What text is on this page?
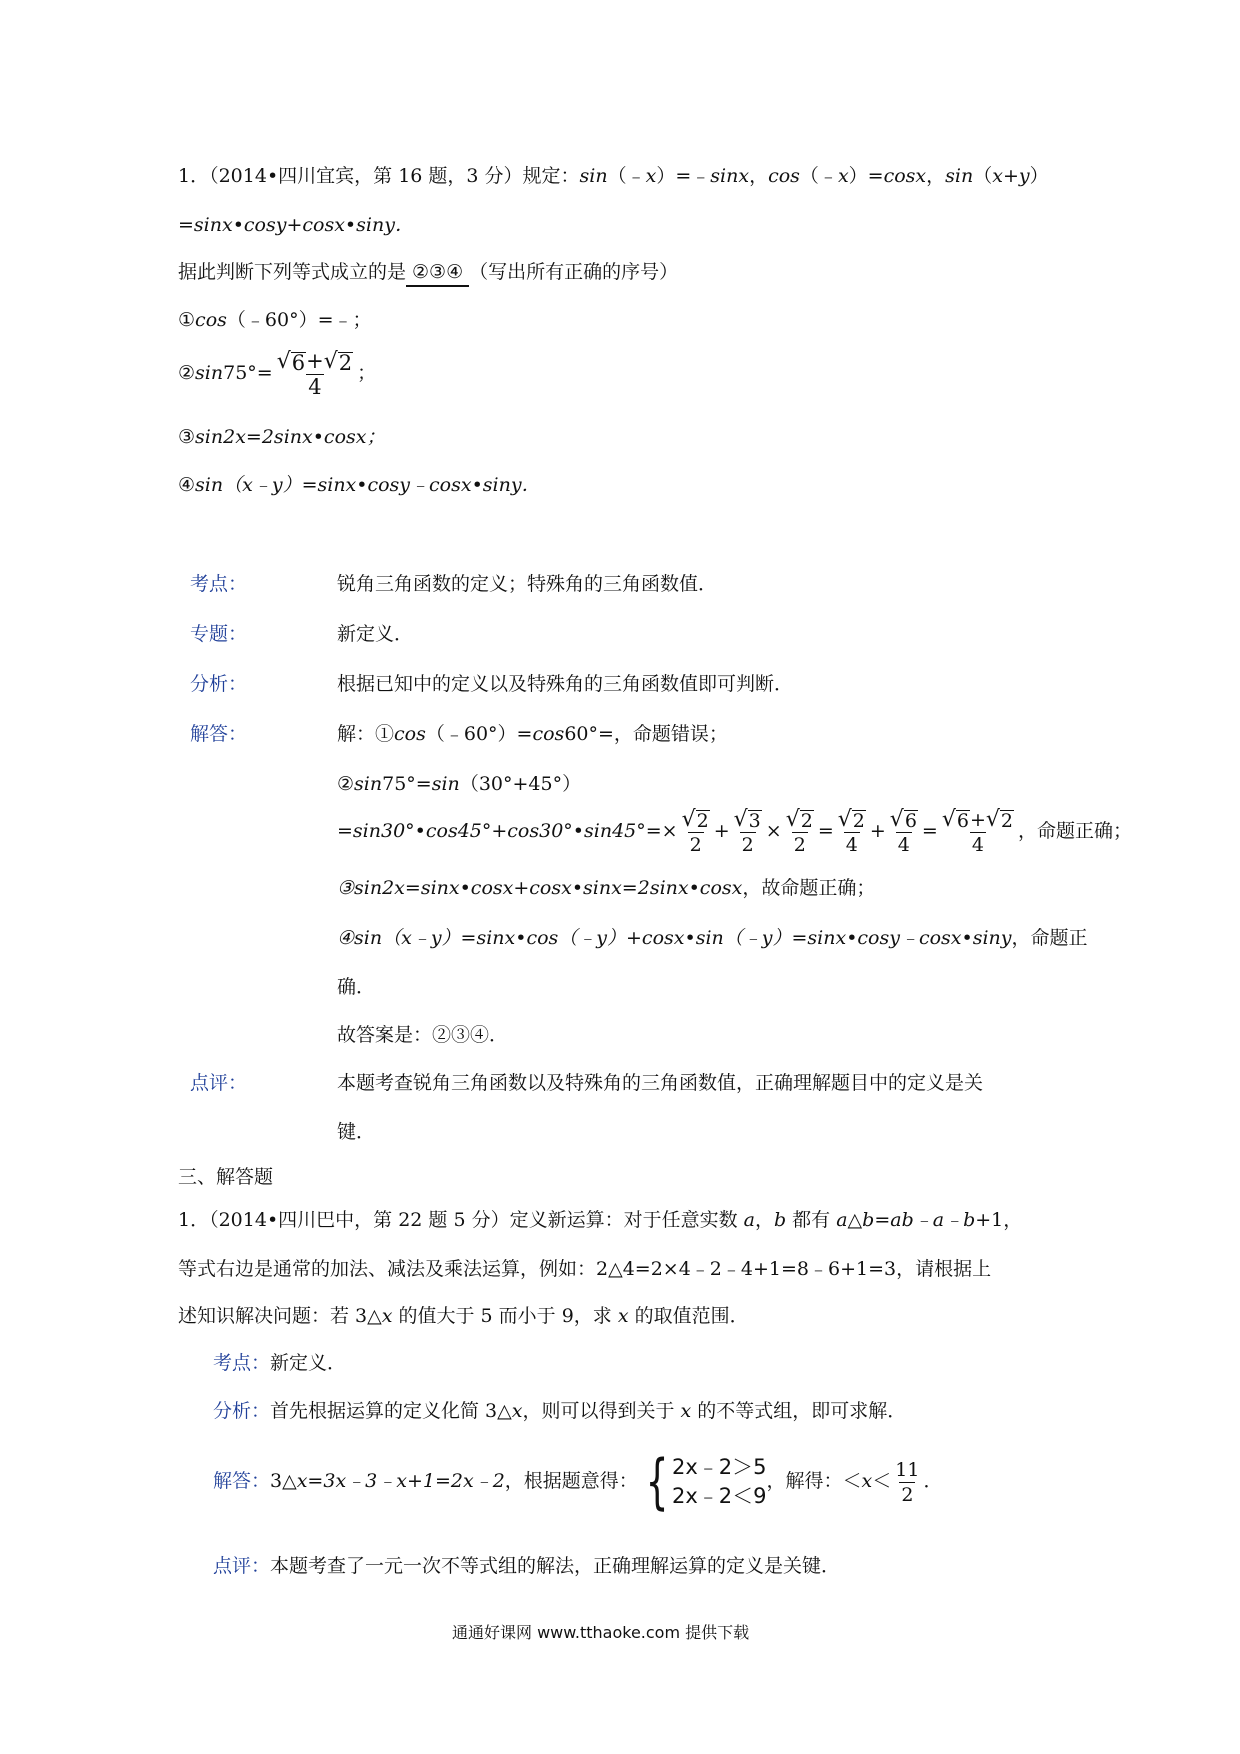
1．（2014•四川宜宾，第 16 题，3 分）规定：sin（﹣x）=﹣sinx，cos（﹣x）=cosx，sin（x+y）
=sinx•cosy+cosx•siny．
据此判断下列等式成立的是 ②③④ （写出所有正确的序号）
①cos（﹣60°）=﹣；
②sin75°= $\frac{√ 6 + √ 2}{4}$ ；
③sin2x=2sinx•cosx；
④sin（x﹣y）=sinx•cosy﹣cosx•siny．
考点：	锐角三角函数的定义；特殊角的三角函数值．
专题：	新定义．
分析：	根据已知中的定义以及特殊角的三角函数值即可判断．
解答：	解：①cos（﹣60°）=cos60°=，命题错误；
②sin75°=sin（30°+45°）
=sin30°•cos45°+cos30°•sin45°=× $\frac{√ 2}{2} + \frac{√ 3}{2} \times \frac{√ 2}{2} = \frac{√ 2}{4} + \frac{√ 6}{4} = \frac{√ 6 + √ 2}{4}$ ，命题正确；
③sin2x=sinx•cosx+cosx•sinx=2sinx•cosx，故命题正确；
④sin（x﹣y）=sinx•cos（﹣y）+cosx•sin（﹣y）=sinx•cosy﹣cosx•siny，命题正
确．
故答案是：②③④．
点评：	本题考查锐角三角函数以及特殊角的三角函数值，正确理解题目中的定义是关
键．
三、解答题
1．（2014•四川巴中，第 22 题 5 分）定义新运算：对于任意实数 a，b 都有 a△b=ab﹣a﹣b+1，
等式右边是通常的加法、减法及乘法运算，例如：2△4=2×4﹣2﹣4+1=8﹣6+1=3，请根据上
述知识解决问题：若 3△x 的值大于 5 而小于 9，求 x 的取值范围．
考点：新定义．
分析：首先根据运算的定义化简 3△x，则可以得到关于 x 的不等式组，即可求解．
解答：3△x=3x﹣3﹣x+1=2x﹣2，根据题意得： { 2x﹣2＞5
2x﹣2＜9
，解得：$<x< \frac{11}{2}$ ．
点评：本题考查了一元一次不等式组的解法，正确理解运算的定义是关键．
通通好课网 www.tthaoke.com 提供下载
